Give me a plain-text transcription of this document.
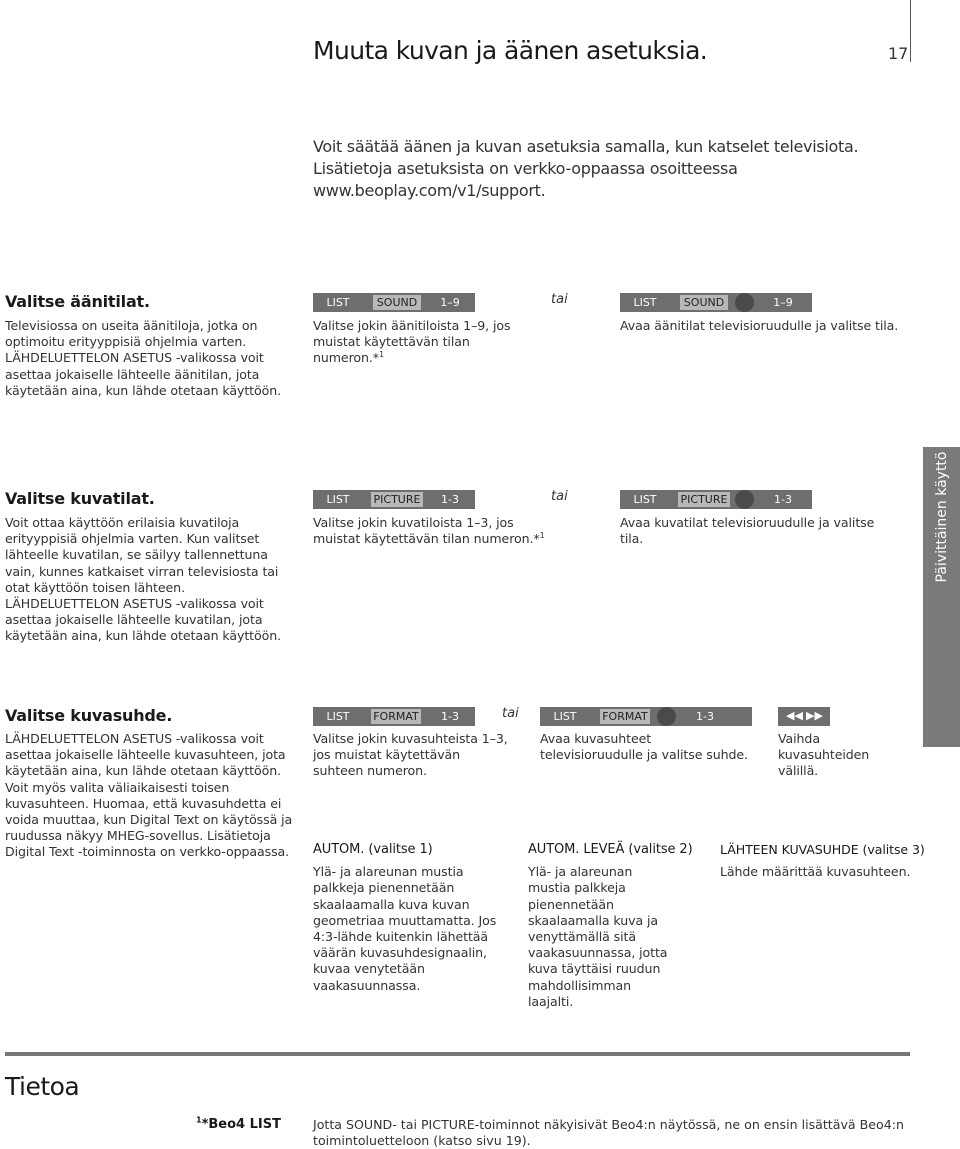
Muuta kuvan ja äänen asetuksia.	17
Voit säätää äänen ja kuvan asetuksia samalla, kun katselet televisiota. Lisätietoja asetuksista on verkko-oppaassa osoitteessa www.beoplay.com/v1/support.
Päivittäinen käyttö
Valitse äänitilat.
Televisiossa on useita äänitiloja, jotka on optimoitu erityyppisiä ohjelmia varten. LÄHDELUETTELON ASETUS -valikossa voit asettaa jokaiselle lähteelle äänitilan, jota käytetään aina, kun lähde otetaan käyttöön.
LIST	SOUND	1–9	tai	LIST	SOUND	1–9
Valitse jokin äänitiloista 1–9, jos muistat käytettävän tilan numeron.*$^1$
Avaa äänitilat televisioruudulle ja valitse tila.
Valitse kuvatilat.
Voit ottaa käyttöön erilaisia kuvatiloja erityyppisiä ohjelmia varten. Kun valitset lähteelle kuvatilan, se säilyy tallennettuna vain, kunnes katkaiset virran televisiosta tai otat käyttöön toisen lähteen. LÄHDELUETTELON ASETUS -valikossa voit asettaa jokaiselle lähteelle kuvatilan, jota käytetään aina, kun lähde otetaan käyttöön.
LIST	PICTURE	1-3	tai	LIST	PICTURE	1-3
Valitse jokin kuvatiloista 1–3, jos muistat käytettävän tilan numeron.*$^1$
Avaa kuvatilat televisioruudulle ja valitse tila.
Valitse kuvasuhde.
LÄHDELUETTELON ASETUS -valikossa voit asettaa jokaiselle lähteelle kuvasuhteen, jota käytetään aina, kun lähde otetaan käyttöön. Voit myös valita väliaikaisesti toisen kuvasuhteen. Huomaa, että kuvasuhdetta ei voida muuttaa, kun Digital Text on käytössä ja ruudussa näkyy MHEG-sovellus. Lisätietoja Digital Text -toiminnosta on verkko-oppaassa.
LIST	FORMAT	1-3	tai	LIST	FORMAT	1-3	◀◀ ▶▶
Valitse jokin kuvasuhteista 1–3, jos muistat käytettävän suhteen numeron.
Avaa kuvasuhteet televisioruudulle ja valitse suhde.
Vaihda kuvasuhteiden välillä.
AUTOM. (valitse 1)
Ylä- ja alareunan mustia palkkeja pienennetään skaalaamalla kuva kuvan geometriaa muuttamatta. Jos 4:3-lähde kuitenkin lähettää väärän kuvasuhdesignaalin, kuvaa venytetään vaakasuunnassa.
AUTOM. LEVEÄ (valitse 2)
Ylä- ja alareunan mustia palkkeja pienennetään skaalaamalla kuva ja venyttämällä sitä vaakasuunnassa, jotta kuva täyttäisi ruudun mahdollisimman laajalti.
LÄHTEEN KUVASUHDE (valitse 3)
Lähde määrittää kuvasuhteen.
Tietoa
$^1$*Beo4 LIST	Jotta SOUND- tai PICTURE-toiminnot näkyisivät Beo4:n näytössä, ne on ensin lisättävä Beo4:n toimintoluetteloon (katso sivu 19).
